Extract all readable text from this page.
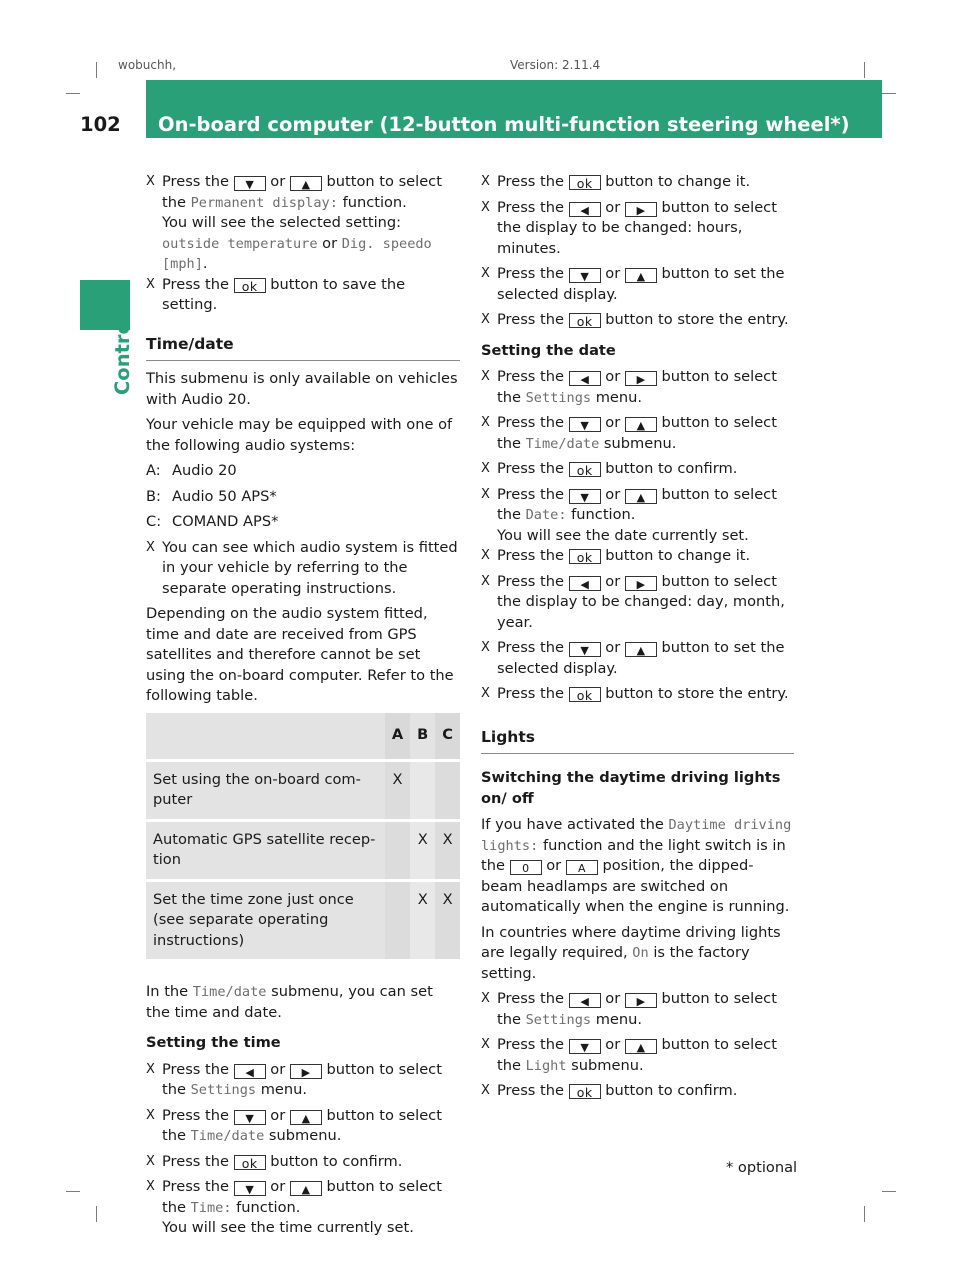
wobuchh,	Version: 2.11.4
102	On-board computer (12-button multi-function steering wheel*)
Controls
X Press the ▼ or ▲ button to select the Permanent display: function.

You will see the selected setting: outside temperature or Dig. speedo [mph].

X Press the ok button to save the setting.
Time/date

This submenu is only available on vehicles with Audio 20.

Your vehicle may be equipped with one of the following audio systems:

A: Audio 20
B: Audio 50 APS*
C: COMAND APS*
X You can see which audio system is fitted in your vehicle by referring to the separate operating instructions.

Depending on the audio system fitted, time and date are received from GPS satellites and therefore cannot be set using the on-board computer. Refer to the following table.

	A	B	C
Set using the on-board com-puter	X		
Automatic GPS satellite recep-tion		X	X
Set the time zone just once (see separate operating instructions)		X	X

In the Time/date submenu, you can set the time and date.

Setting the time
X Press the ◀ or ▶ button to select the Settings menu.
X Press the ▼ or ▲ button to select the Time/date submenu.
X Press the ok button to confirm.
X Press the ▼ or ▲ button to select the Time: function.

You will see the time currently set.

X Press the ok button to change it.
X Press the ◀ or ▶ button to select the display to be changed: hours, minutes.
X Press the ▼ or ▲ button to set the selected display.
X Press the ok button to store the entry.
Setting the date
X Press the ◀ or ▶ button to select the Settings menu.
X Press the ▼ or ▲ button to select the Time/date submenu.
X Press the ok button to confirm.
X Press the ▼ or ▲ button to select the Date: function.

You will see the date currently set.

X Press the ok button to change it.
X Press the ◀ or ▶ button to select the display to be changed: day, month, year.
X Press the ▼ or ▲ button to set the selected display.
X Press the ok button to store the entry.
Lights
Switching the daytime driving lights on/ off

If you have activated the Daytime driving lights: function and the light switch is in the 0 or A position, the dipped-beam headlamps are switched on automatically when the engine is running.

In countries where daytime driving lights are legally required, On is the factory setting.

X Press the ◀ or ▶ button to select the Settings menu.
X Press the ▼ or ▲ button to select the Light submenu.
X Press the ok button to confirm.
* optional
